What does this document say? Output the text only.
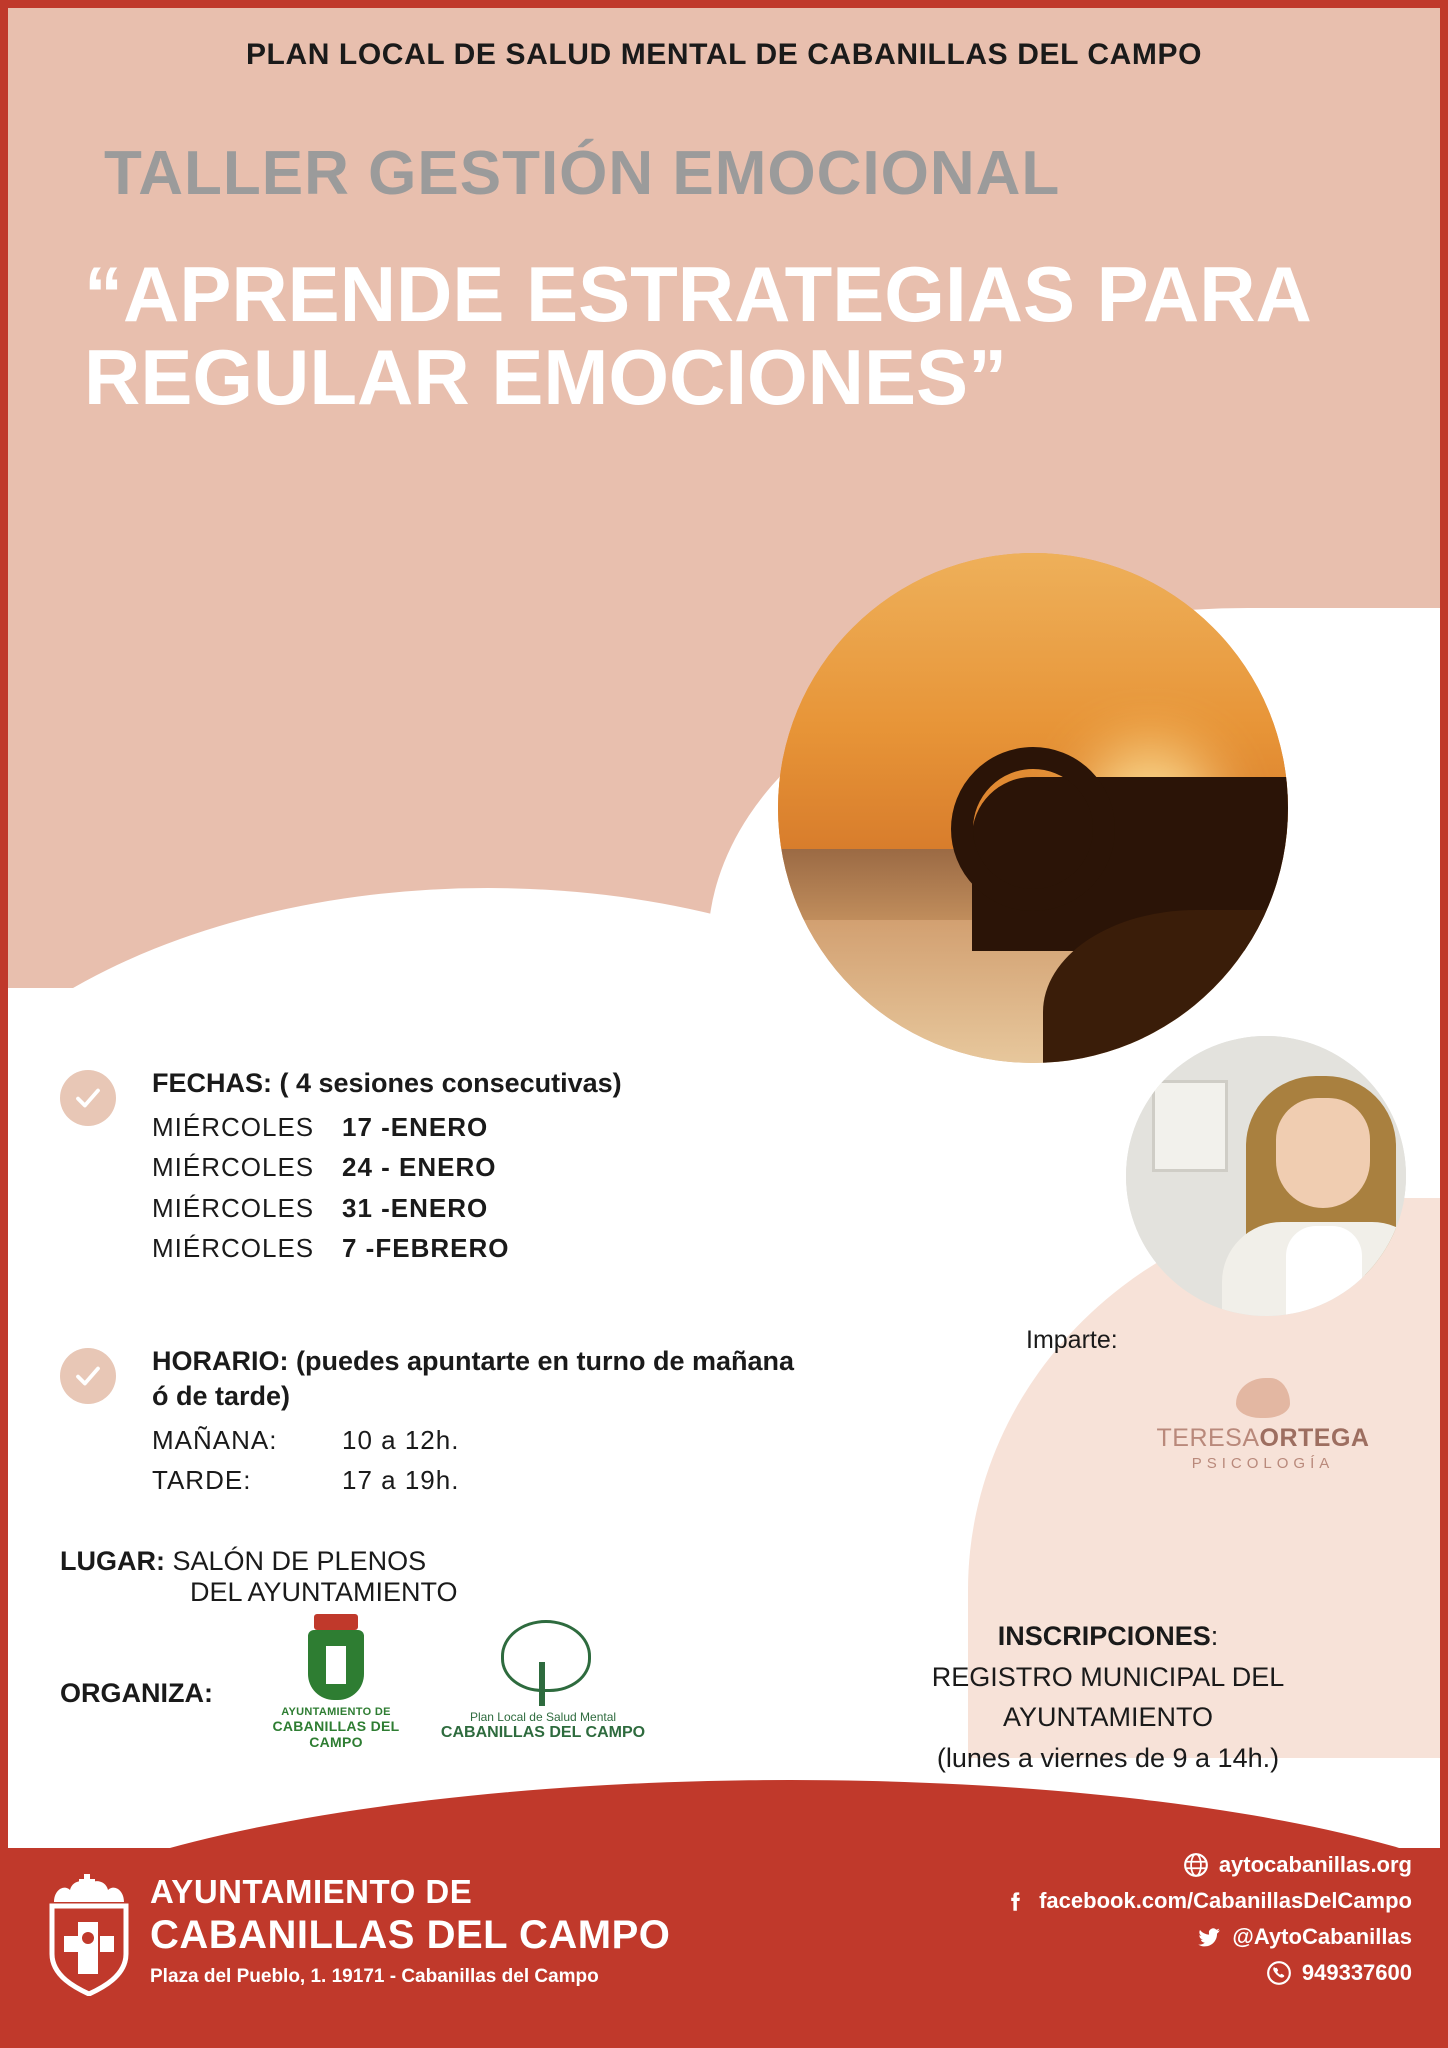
PLAN LOCAL DE SALUD MENTAL DE CABANILLAS DEL CAMPO
TALLER GESTIÓN EMOCIONAL
“APRENDE ESTRATEGIAS PARA REGULAR EMOCIONES”
Imparte:
TERESAORTEGA
PSICOLOGÍA
FECHAS: ( 4 sesiones consecutivas)
MIÉRCOLES	17 -ENERO
MIÉRCOLES	24 - ENERO
MIÉRCOLES	31 -ENERO
MIÉRCOLES	7 -FEBRERO
HORARIO: (puedes apuntarte en turno de mañana ó de tarde)
MAÑANA:	10 a 12h.
TARDE:	17 a 19h.
LUGAR: SALÓN DE PLENOS
DEL AYUNTAMIENTO
ORGANIZA:
AYUNTAMIENTO DE
CABANILLAS DEL CAMPO
Plan Local de Salud Mental
CABANILLAS DEL CAMPO
INSCRIPCIONES:
REGISTRO MUNICIPAL DEL
AYUNTAMIENTO
(lunes a viernes de 9 a 14h.)
AYUNTAMIENTO DE
CABANILLAS DEL CAMPO
Plaza del Pueblo, 1. 19171 - Cabanillas del Campo
aytocabanillas.org
facebook.com/CabanillasDelCampo
@AytoCabanillas
949337600
